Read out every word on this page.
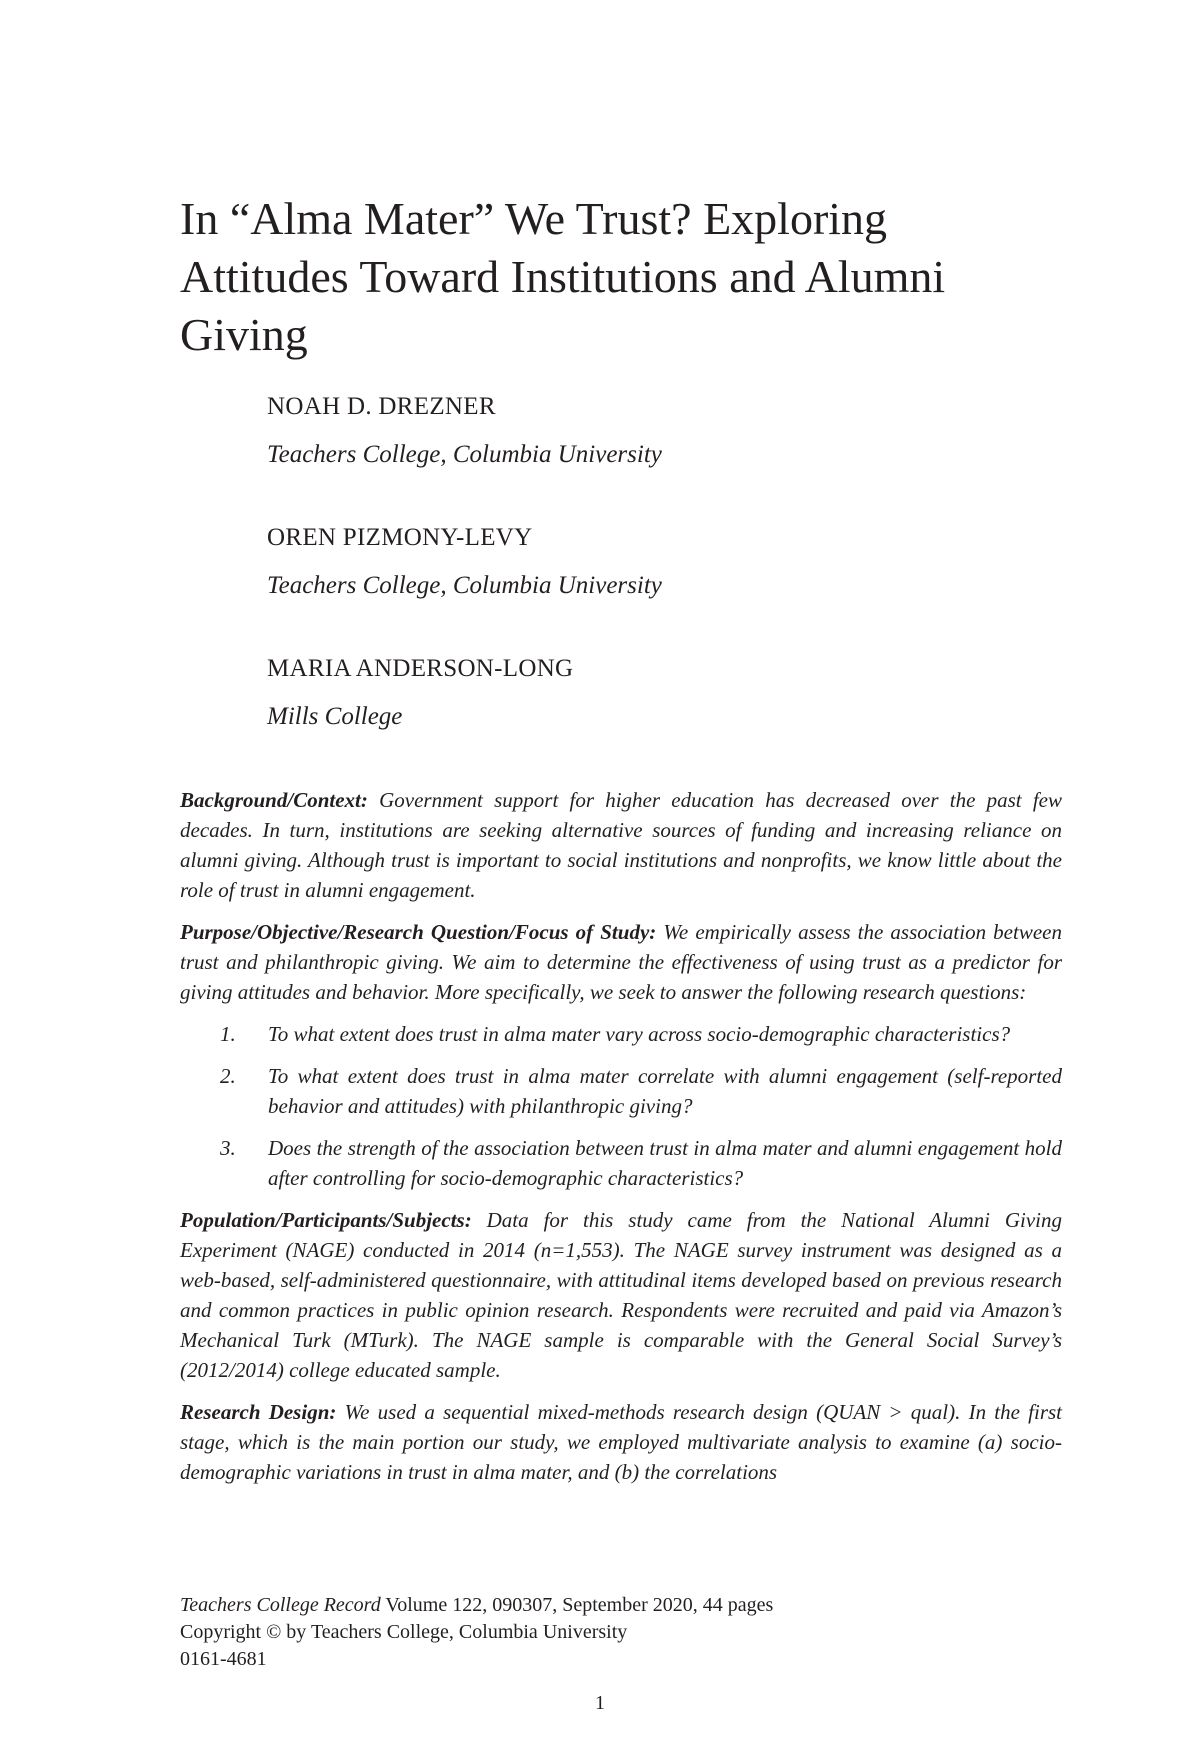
In “Alma Mater” We Trust? Exploring Attitudes Toward Institutions and Alumni Giving
NOAH D. DREZNER
Teachers College, Columbia University
OREN PIZMONY-LEVY
Teachers College, Columbia University
MARIA ANDERSON-LONG
Mills College

Background/Context: Government support for higher education has decreased over the past few decades. In turn, institutions are seeking alternative sources of funding and increasing reliance on alumni giving. Although trust is important to social institutions and nonprofits, we know little about the role of trust in alumni engagement.

Purpose/Objective/Research Question/Focus of Study: We empirically assess the association between trust and philanthropic giving. We aim to determine the effectiveness of using trust as a predictor for giving attitudes and behavior. More specifically, we seek to answer the following research questions:

1. To what extent does trust in alma mater vary across socio-demographic characteristics?
2. To what extent does trust in alma mater correlate with alumni engagement (self-reported behavior and attitudes) with philanthropic giving?
3. Does the strength of the association between trust in alma mater and alumni engagement hold after controlling for socio-demographic characteristics?

Population/Participants/Subjects: Data for this study came from the National Alumni Giving Experiment (NAGE) conducted in 2014 (n=1,553). The NAGE survey instrument was designed as a web-based, self-administered questionnaire, with attitudinal items developed based on previous research and common practices in public opinion research. Respondents were recruited and paid via Amazon’s Mechanical Turk (MTurk). The NAGE sample is comparable with the General Social Survey’s (2012/2014) college educated sample.

Research Design: We used a sequential mixed-methods research design (QUAN > qual). In the first stage, which is the main portion our study, we employed multivariate analysis to examine (a) socio-demographic variations in trust in alma mater, and (b) the correlations

Teachers College Record Volume 122, 090307, September 2020, 44 pages
Copyright © by Teachers College, Columbia University
0161-4681
1
